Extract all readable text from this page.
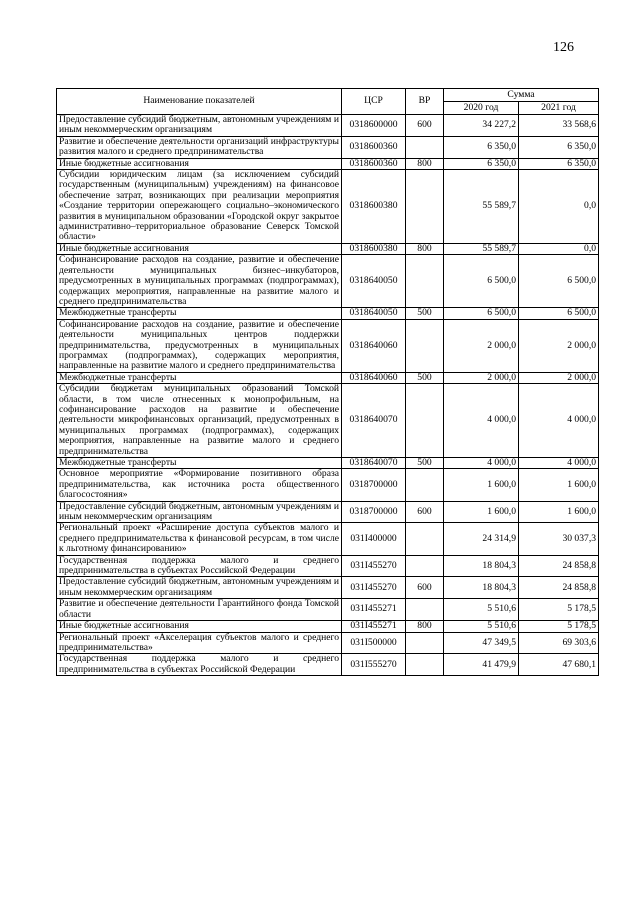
126
Наименование показателей	ЦСР	ВР	Сумма	
			2020 год	2021 год
Предоставление субсидий бюджетным, автономным учреждениям и иным некоммерческим организациям	0318600000	600	34 227,2	33 568,6
Развитие и обеспечение деятельности организаций инфраструктуры развития малого и среднего предпринимательства	0318600360		6 350,0	6 350,0
Иные бюджетные ассигнования	0318600360	800	6 350,0	6 350,0
Субсидии юридическим лицам (за исключением субсидий государственным (муниципальным) учреждениям) на финансовое обеспечение затрат, возникающих при реализации мероприятия «Создание территории опережающего социально–экономического развития в муниципальном образовании «Городской округ закрытое административно–территориальное образование Северск Томской области»	0318600380		55 589,7	0,0
Иные бюджетные ассигнования	0318600380	800	55 589,7	0,0
Софинансирование расходов на создание, развитие и обеспечение деятельности муниципальных бизнес–инкубаторов, предусмотренных в муниципальных программах (подпрограммах), содержащих мероприятия, направленные на развитие малого и среднего предпринимательства	0318640050		6 500,0	6 500,0
Межбюджетные трансферты	0318640050	500	6 500,0	6 500,0
Софинансирование расходов на создание, развитие и обеспечение деятельности муниципальных центров поддержки предпринимательства, предусмотренных в муниципальных программах (подпрограммах), содержащих мероприятия, направленные на развитие малого и среднего предпринимательства	0318640060		2 000,0	2 000,0
Межбюджетные трансферты	0318640060	500	2 000,0	2 000,0
Субсидии бюджетам муниципальных образований Томской области, в том числе отнесенных к монопрофильным, на софинансирование расходов на развитие и обеспечение деятельности микрофинансовых организаций, предусмотренных в муниципальных программах (подпрограммах), содержащих мероприятия, направленные на развитие малого и среднего предпринимательства	0318640070		4 000,0	4 000,0
Межбюджетные трансферты	0318640070	500	4 000,0	4 000,0
Основное мероприятие «Формирование позитивного образа предпринимательства, как источника роста общественного благосостояния»	0318700000		1 600,0	1 600,0
Предоставление субсидий бюджетным, автономным учреждениям и иным некоммерческим организациям	0318700000	600	1 600,0	1 600,0
Региональный проект «Расширение доступа субъектов малого и среднего предпринимательства к финансовой ресурсам, в том числе к льготному финансированию»	031I400000		24 314,9	30 037,3
Государственная поддержка малого и среднего предпринимательства в субъектах Российской Федерации	031I455270		18 804,3	24 858,8
Предоставление субсидий бюджетным, автономным учреждениям и иным некоммерческим организациям	031I455270	600	18 804,3	24 858,8
Развитие и обеспечение деятельности Гарантийного фонда Томской области	031I455271		5 510,6	5 178,5
Иные бюджетные ассигнования	031I455271	800	5 510,6	5 178,5
Региональный проект «Акселерация субъектов малого и среднего предпринимательства»	031I500000		47 349,5	69 303,6
Государственная поддержка малого и среднего предпринимательства в субъектах Российской Федерации	031I555270		41 479,9	47 680,1
